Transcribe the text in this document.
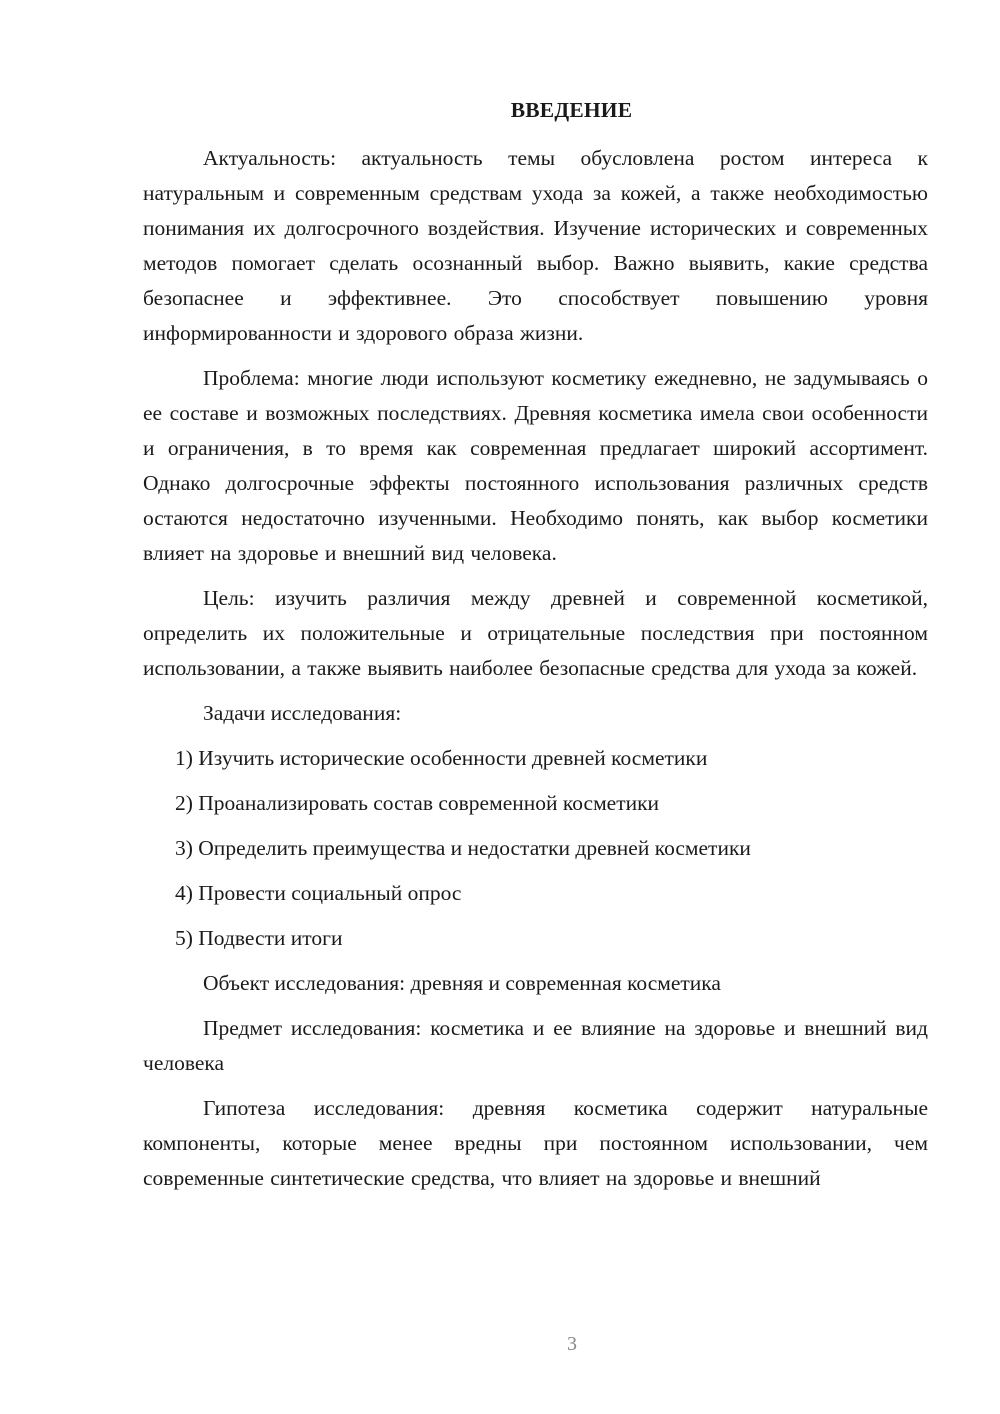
ВВЕДЕНИЕ

Актуальность: актуальность темы обусловлена ростом интереса к натуральным и современным средствам ухода за кожей, а также необходимостью понимания их долгосрочного воздействия. Изучение исторических и современных методов помогает сделать осознанный выбор. Важно выявить, какие средства безопаснее и эффективнее. Это способствует повышению уровня информированности и здорового образа жизни.

Проблема: многие люди используют косметику ежедневно, не задумываясь о ее составе и возможных последствиях. Древняя косметика имела свои особенности и ограничения, в то время как современная предлагает широкий ассортимент. Однако долгосрочные эффекты постоянного использования различных средств остаются недостаточно изученными. Необходимо понять, как выбор косметики влияет на здоровье и внешний вид человека.

Цель: изучить различия между древней и современной косметикой, определить их положительные и отрицательные последствия при постоянном использовании, а также выявить наиболее безопасные средства для ухода за кожей.

Задачи исследования:

1) Изучить исторические особенности древней косметики
2) Проанализировать состав современной косметики
3) Определить преимущества и недостатки древней косметики
4) Провести социальный опрос
5) Подвести итоги

Объект исследования: древняя и современная косметика

Предмет исследования: косметика и ее влияние на здоровье и внешний вид человека

Гипотеза исследования: древняя косметика содержит натуральные компоненты, которые менее вредны при постоянном использовании, чем современные синтетические средства, что влияет на здоровье и внешний

3
